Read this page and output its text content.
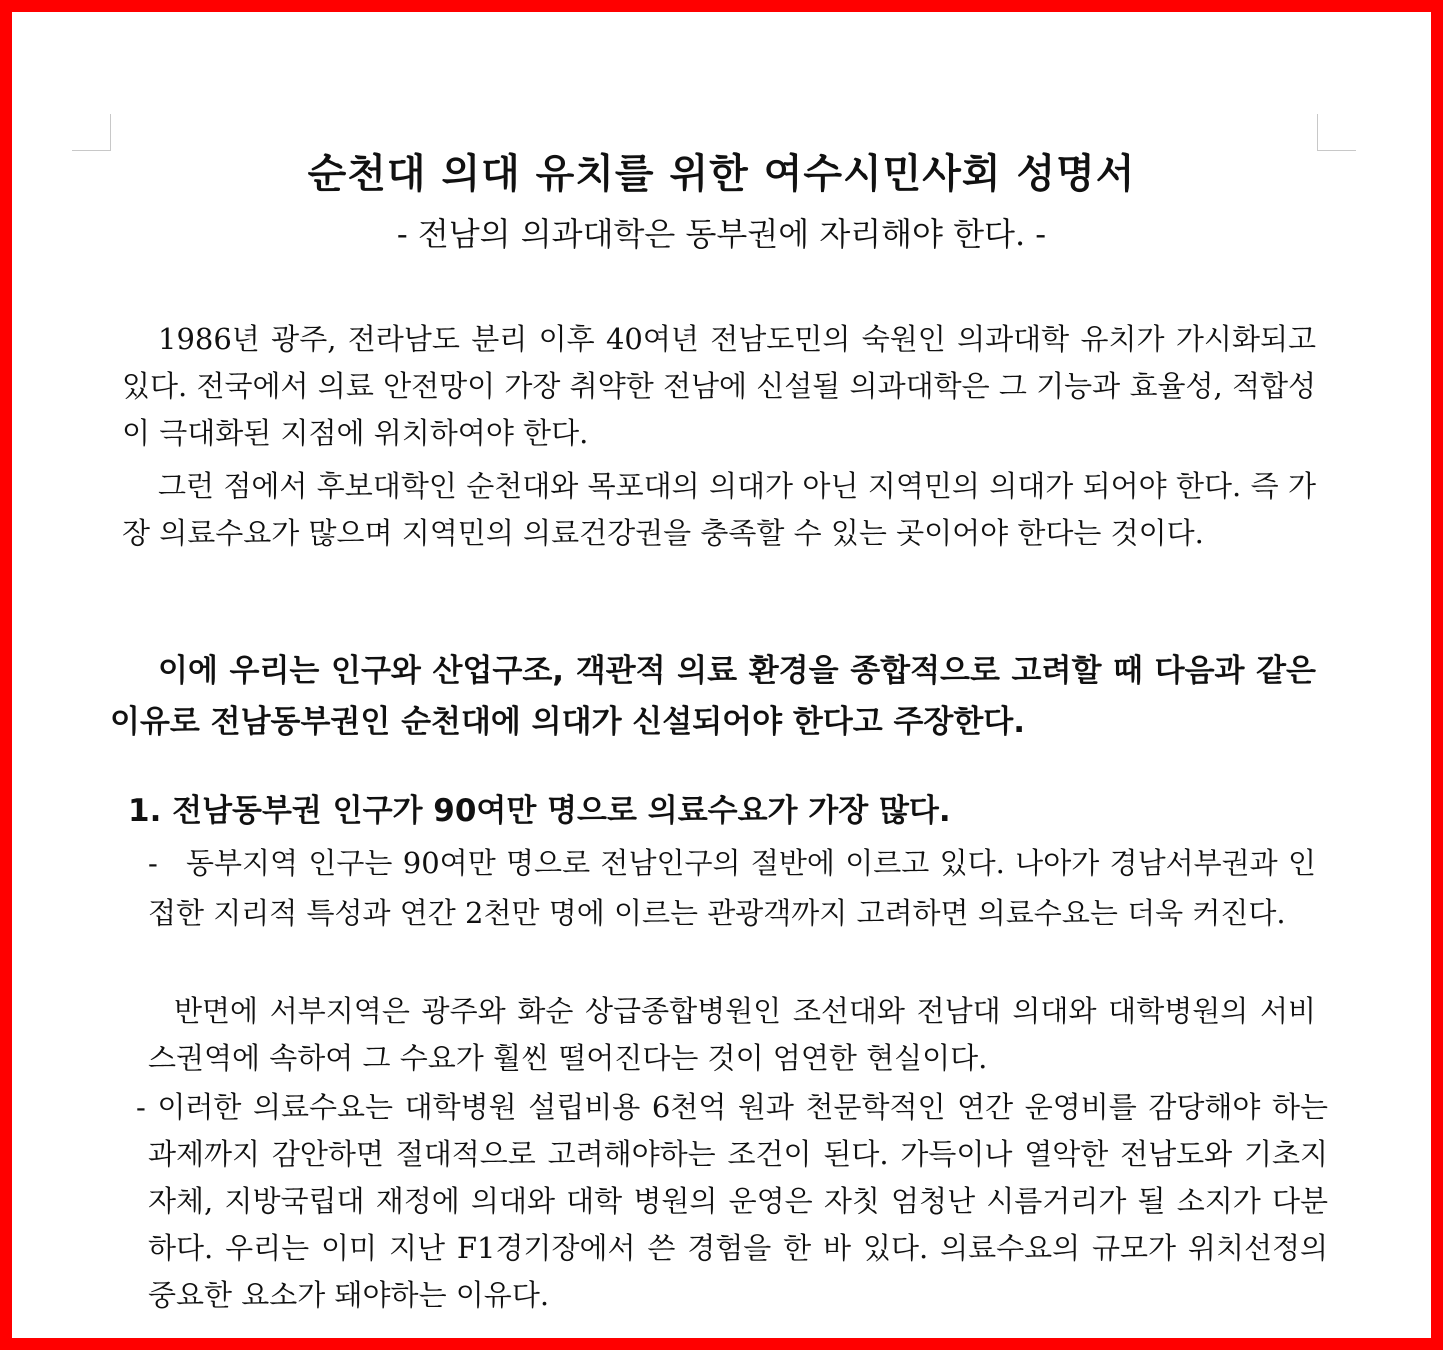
순천대 의대 유치를 위한 여수시민사회 성명서

- 전남의 의과대학은 동부권에 자리해야 한다. -

1986년 광주, 전라남도 분리 이후 40여년 전남도민의 숙원인 의과대학 유치가 가시화되고 있다. 전국에서 의료 안전망이 가장 취약한 전남에 신설될 의과대학은 그 기능과 효율성, 적합성이 극대화된 지점에 위치하여야 한다.

그런 점에서 후보대학인 순천대와 목포대의 의대가 아닌 지역민의 의대가 되어야 한다. 즉 가장 의료수요가 많으며 지역민의 의료건강권을 충족할 수 있는 곳이어야 한다는 것이다.

이에 우리는 인구와 산업구조, 객관적 의료 환경을 종합적으로 고려할 때 다음과 같은 이유로 전남동부권인 순천대에 의대가 신설되어야 한다고 주장한다.

1. 전남동부권 인구가 90여만 명으로 의료수요가 가장 많다.
- 동부지역 인구는 90여만 명으로 전남인구의 절반에 이르고 있다. 나아가 경남서부권과 인접한 지리적 특성과 연간 2천만 명에 이르는 관광객까지 고려하면 의료수요는 더욱 커진다.

반면에 서부지역은 광주와 화순 상급종합병원인 조선대와 전남대 의대와 대학병원의 서비스권역에 속하여 그 수요가 훨씬 떨어진다는 것이 엄연한 현실이다.

- 이러한 의료수요는 대학병원 설립비용 6천억 원과 천문학적인 연간 운영비를 감당해야 하는 과제까지 감안하면 절대적으로 고려해야하는 조건이 된다. 가득이나 열악한 전남도와 기초지자체, 지방국립대 재정에 의대와 대학 병원의 운영은 자칫 엄청난 시름거리가 될 소지가 다분하다. 우리는 이미 지난 F1경기장에서 쓴 경험을 한 바 있다. 의료수요의 규모가 위치선정의 중요한 요소가 돼야하는 이유다.
